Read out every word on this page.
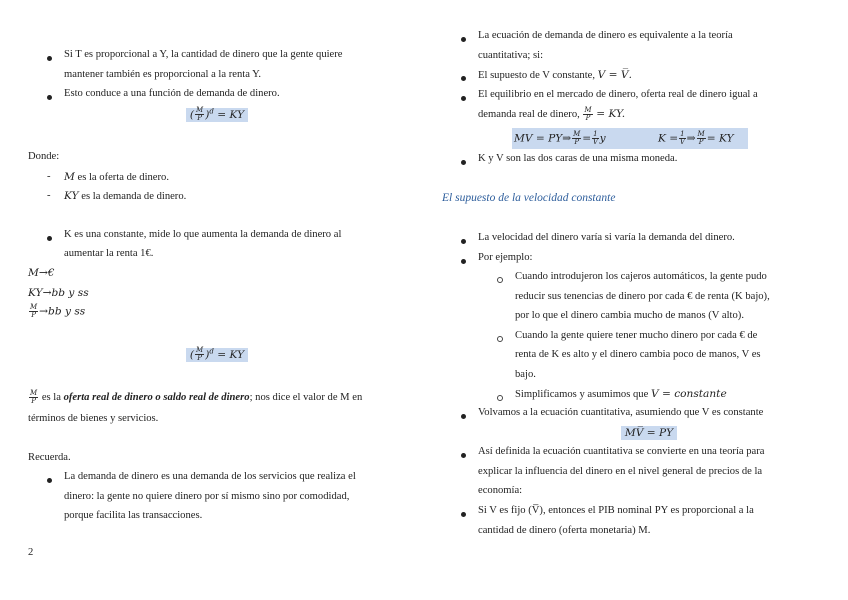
Si T es proporcional a Y, la cantidad de dinero que la gente quiere
mantener también es proporcional a la renta Y.
Esto conduce a una función de demanda de dinero.
( $\frac{M}{P} )^d$ = KY
Donde:
- M es la oferta de dinero.
- KY es la demanda de dinero.
K es una constante, mide lo que aumenta la demanda de dinero al
aumentar la renta 1€.
M→€
KY→bb y ss
$\frac{M}{P} \to bb$ y ss
( $\frac{M}{P} )^d$ = KY
$\frac{M}{P}$ es la oferta real de dinero o saldo real de dinero; nos dice el valor de M en
términos de bienes y servicios.
Recuerda.
La demanda de dinero es una demanda de los servicios que realiza el
dinero: la gente no quiere dinero por sí mismo sino por comodidad,
porque facilita las transacciones.
2
La ecuación de demanda de dinero es equivalente a la teoría
cuantitativa; si:
El supuesto de V constante, V = V̅.
El equilibrio en el mercado de dinero, oferta real de dinero igual a
demanda real de dinero, $\frac{M}{P}$ = KY.
MV = PY⇒ $\frac{M}{P} = \frac{1}{V}$ y	$K = \frac{1}{V}$ ⇒ $\frac{M}{P}$ = KY
K y V son las dos caras de una misma moneda.
El supuesto de la velocidad constante
La velocidad del dinero varía si varía la demanda del dinero.
Por ejemplo:
Cuando introdujeron los cajeros automáticos, la gente pudo
reducir sus tenencias de dinero por cada € de renta (K bajo),
por lo que el dinero cambia mucho de manos (V alto).
Cuando la gente quiere tener mucho dinero por cada € de
renta de K es alto y el dinero cambia poco de manos, V es
bajo.
Simplificamos y asumimos que V = constante
Volvamos a la ecuación cuantitativa, asumiendo que V es constante
MV̅ = PY
Así definida la ecuación cuantitativa se convierte en una teoría para
explicar la influencia del dinero en el nivel general de precios de la
economía:
Si V es fijo (V̅), entonces el PIB nominal PY es proporcional a la
cantidad de dinero (oferta monetaria) M.
